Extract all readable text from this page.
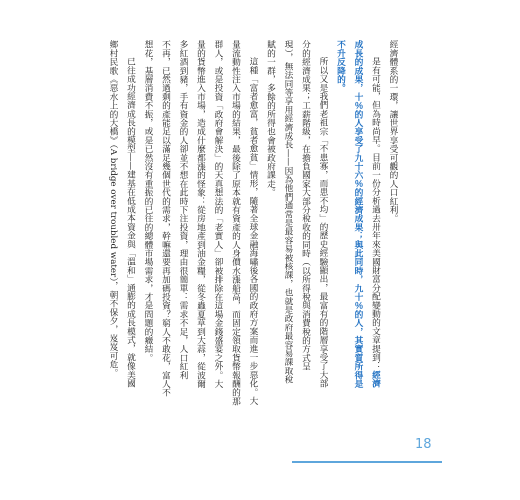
經濟體系的一環，讓世界享受可觀的人口紅利。
是有可能，但為時尚早。目前一份分析過去卅年來美國財富分配變動的文章提到：經濟
成長的成果，十％的人享受了九十六％的經濟成果；與此同時，九十％的人，其實質所得是
不升反降的。
所以又是我們老祖宗「不患寡，而患不均」的歷史經驗顯出，最富有的階層享受了大部
分的經濟成果；工薪階級，在擔負國家大部分稅收的同時（以所得稅與消費稅的方式呈
現），無法同等享用經濟成長——因為他們通常是最容易被核課，也就是政府最容易課取稅
賦的一群，多餘的所得也會被政府課走。
這種「富者愈富，貧者愈貧」情形，隨著全球金融海嘯後各國的政府方案而進一步惡化。大
量流動性注入市場的結果，最後除了原本就有資產的人身價水漲船高，而固定領取貨幣報酬的那
群人，或是投資「政府會解決」的天真想法的「老實人」卻被排除在這場金錢盛宴之外。大
量的貨幣進入市場，造成什麼都漲的怪象：從房地產到油金糧，從冬蟲夏草到大蒜，從波爾
多紅酒到豬，手有資金的人卻並不想在此時下注投資，理由很簡單：需求不足，人口紅利
不再，已然過剩的產能足以滿足幾個世代的需求，幹嘛還要再加碼投資？窮人不敢花，富人不
想花，基層消費不振，或是已然沒有重振的已往的總體市場需求，才是問題的癥結。
已往成功經濟成長的模型——建基在低成本資金與「溫和」通膨的成長模式，就像美國
鄉村民歌《惡水上的大橋》（A bridge over troubled water），朝不保夕，岌岌可危。
18
